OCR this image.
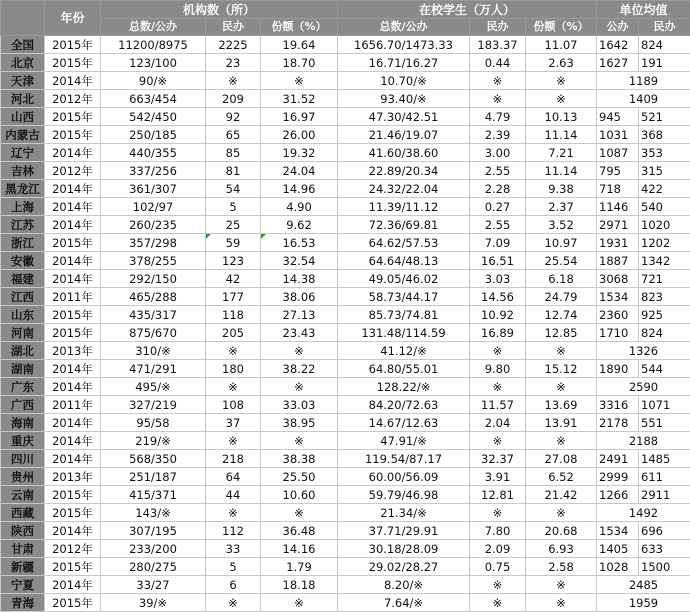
	年份	机构数（所）			在校学生（万人）			单位均值	
		总数/公办	民办	份额（%）	总数/公办	民办	份额（%）	公办	民办
全国	2015年	11200/8975	2225	19.64	1656.70/1473.33	183.37	11.07	1642	824
北京	2015年	123/100	23	18.70	16.71/16.27	0.44	2.63	1627	191
天津	2014年	90/※	※	※	10.70/※	※	※	1189	
河北	2012年	663/454	209	31.52	93.40/※	※	※	1409	
山西	2015年	542/450	92	16.97	47.30/42.51	4.79	10.13	945	521
内蒙古	2015年	250/185	65	26.00	21.46/19.07	2.39	11.14	1031	368
辽宁	2014年	440/355	85	19.32	41.60/38.60	3.00	7.21	1087	353
吉林	2012年	337/256	81	24.04	22.89/20.34	2.55	11.14	795	315
黑龙江	2014年	361/307	54	14.96	24.32/22.04	2.28	9.38	718	422
上海	2014年	102/97	5	4.90	11.39/11.12	0.27	2.37	1146	540
江苏	2014年	260/235	25	9.62	72.36/69.81	2.55	3.52	2971	1020
浙江	2015年	357/298	59	16.53	64.62/57.53	7.09	10.97	1931	1202
安徽	2014年	378/255	123	32.54	64.64/48.13	16.51	25.54	1887	1342
福建	2014年	292/150	42	14.38	49.05/46.02	3.03	6.18	3068	721
江西	2011年	465/288	177	38.06	58.73/44.17	14.56	24.79	1534	823
山东	2015年	435/317	118	27.13	85.73/74.81	10.92	12.74	2360	925
河南	2015年	875/670	205	23.43	131.48/114.59	16.89	12.85	1710	824
湖北	2013年	310/※	※	※	41.12/※	※	※	1326	
湖南	2014年	471/291	180	38.22	64.80/55.01	9.80	15.12	1890	544
广东	2014年	495/※	※	※	128.22/※	※	※	2590	
广西	2011年	327/219	108	33.03	84.20/72.63	11.57	13.69	3316	1071
海南	2014年	95/58	37	38.95	14.67/12.63	2.04	13.91	2178	551
重庆	2014年	219/※	※	※	47.91/※	※	※	2188	
四川	2014年	568/350	218	38.38	119.54/87.17	32.37	27.08	2491	1485
贵州	2013年	251/187	64	25.50	60.00/56.09	3.91	6.52	2999	611
云南	2015年	415/371	44	10.60	59.79/46.98	12.81	21.42	1266	2911
西藏	2015年	143/※	※	※	21.34/※	※	※	1492	
陕西	2014年	307/195	112	36.48	37.71/29.91	7.80	20.68	1534	696
甘肃	2012年	233/200	33	14.16	30.18/28.09	2.09	6.93	1405	633
新疆	2015年	280/275	5	1.79	29.02/28.27	0.75	2.58	1028	1500
宁夏	2014年	33/27	6	18.18	8.20/※	※	※	2485	
青海	2015年	39/※	※	※	7.64/※	※	※	1959	
